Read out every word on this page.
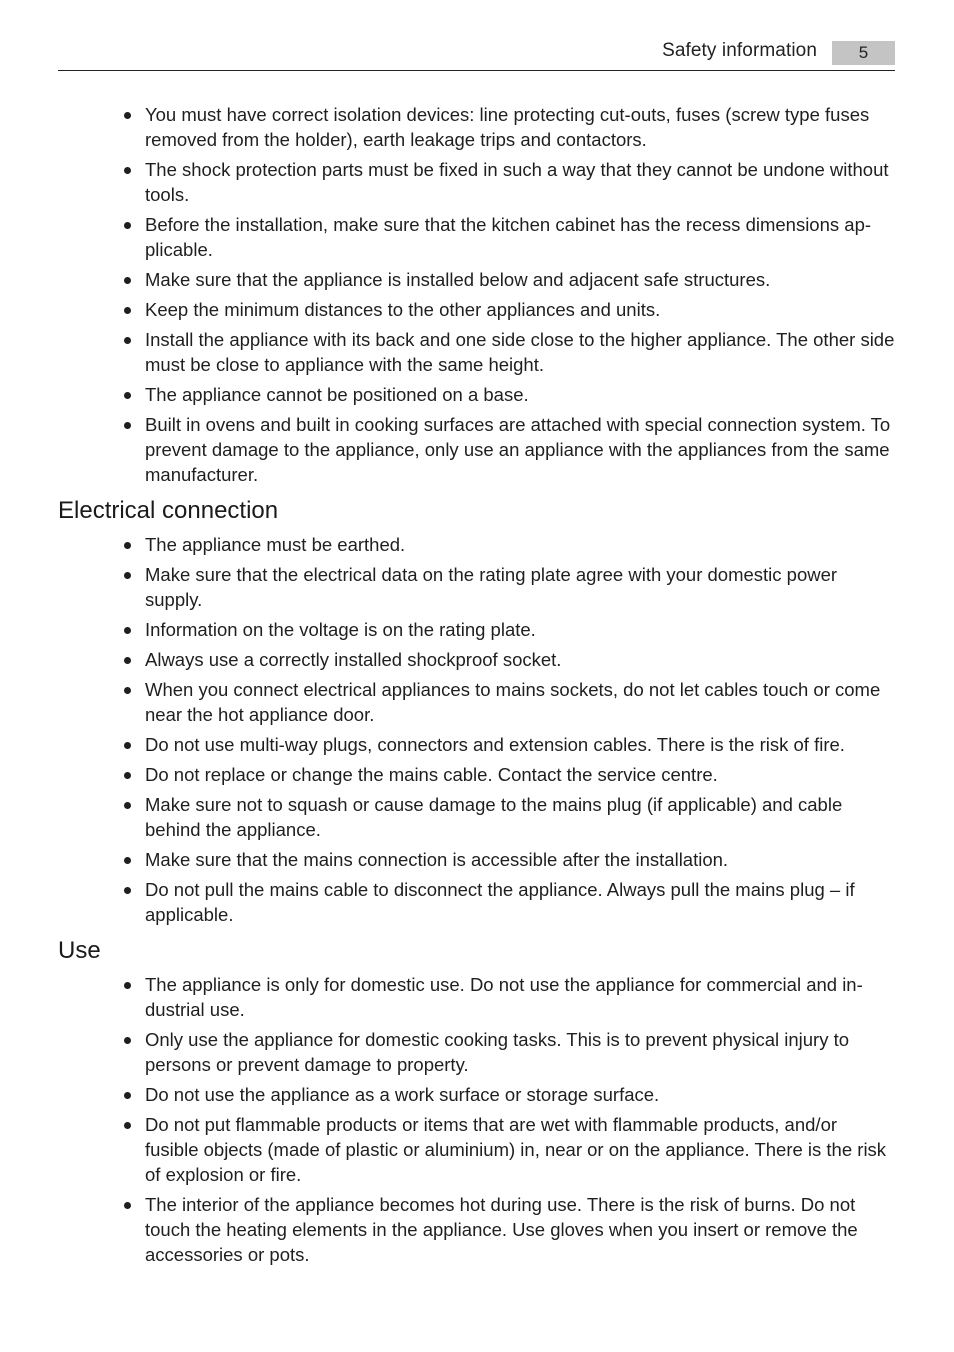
Safety information	5
You must have correct isolation devices: line protecting cut-outs, fuses (screw type fuses removed from the holder), earth leakage trips and contactors.
The shock protection parts must be fixed in such a way that they cannot be undone without tools.
Before the installation, make sure that the kitchen cabinet has the recess dimensions ap-plicable.
Make sure that the appliance is installed below and adjacent safe structures.
Keep the minimum distances to the other appliances and units.
Install the appliance with its back and one side close to the higher appliance. The other side must be close to appliance with the same height.
The appliance cannot be positioned on a base.
Built in ovens and built in cooking surfaces are attached with special connection system. To prevent damage to the appliance, only use an appliance with the appliances from the same manufacturer.
Electrical connection
The appliance must be earthed.
Make sure that the electrical data on the rating plate agree with your domestic power supply.
Information on the voltage is on the rating plate.
Always use a correctly installed shockproof socket.
When you connect electrical appliances to mains sockets, do not let cables touch or come near the hot appliance door.
Do not use multi-way plugs, connectors and extension cables. There is the risk of fire.
Do not replace or change the mains cable. Contact the service centre.
Make sure not to squash or cause damage to the mains plug (if applicable) and cable behind the appliance.
Make sure that the mains connection is accessible after the installation.
Do not pull the mains cable to disconnect the appliance. Always pull the mains plug – if applicable.
Use
The appliance is only for domestic use. Do not use the appliance for commercial and in-dustrial use.
Only use the appliance for domestic cooking tasks. This is to prevent physical injury to persons or prevent damage to property.
Do not use the appliance as a work surface or storage surface.
Do not put flammable products or items that are wet with flammable products, and/or fusible objects (made of plastic or aluminium) in, near or on the appliance. There is the risk of explosion or fire.
The interior of the appliance becomes hot during use. There is the risk of burns. Do not touch the heating elements in the appliance. Use gloves when you insert or remove the accessories or pots.
